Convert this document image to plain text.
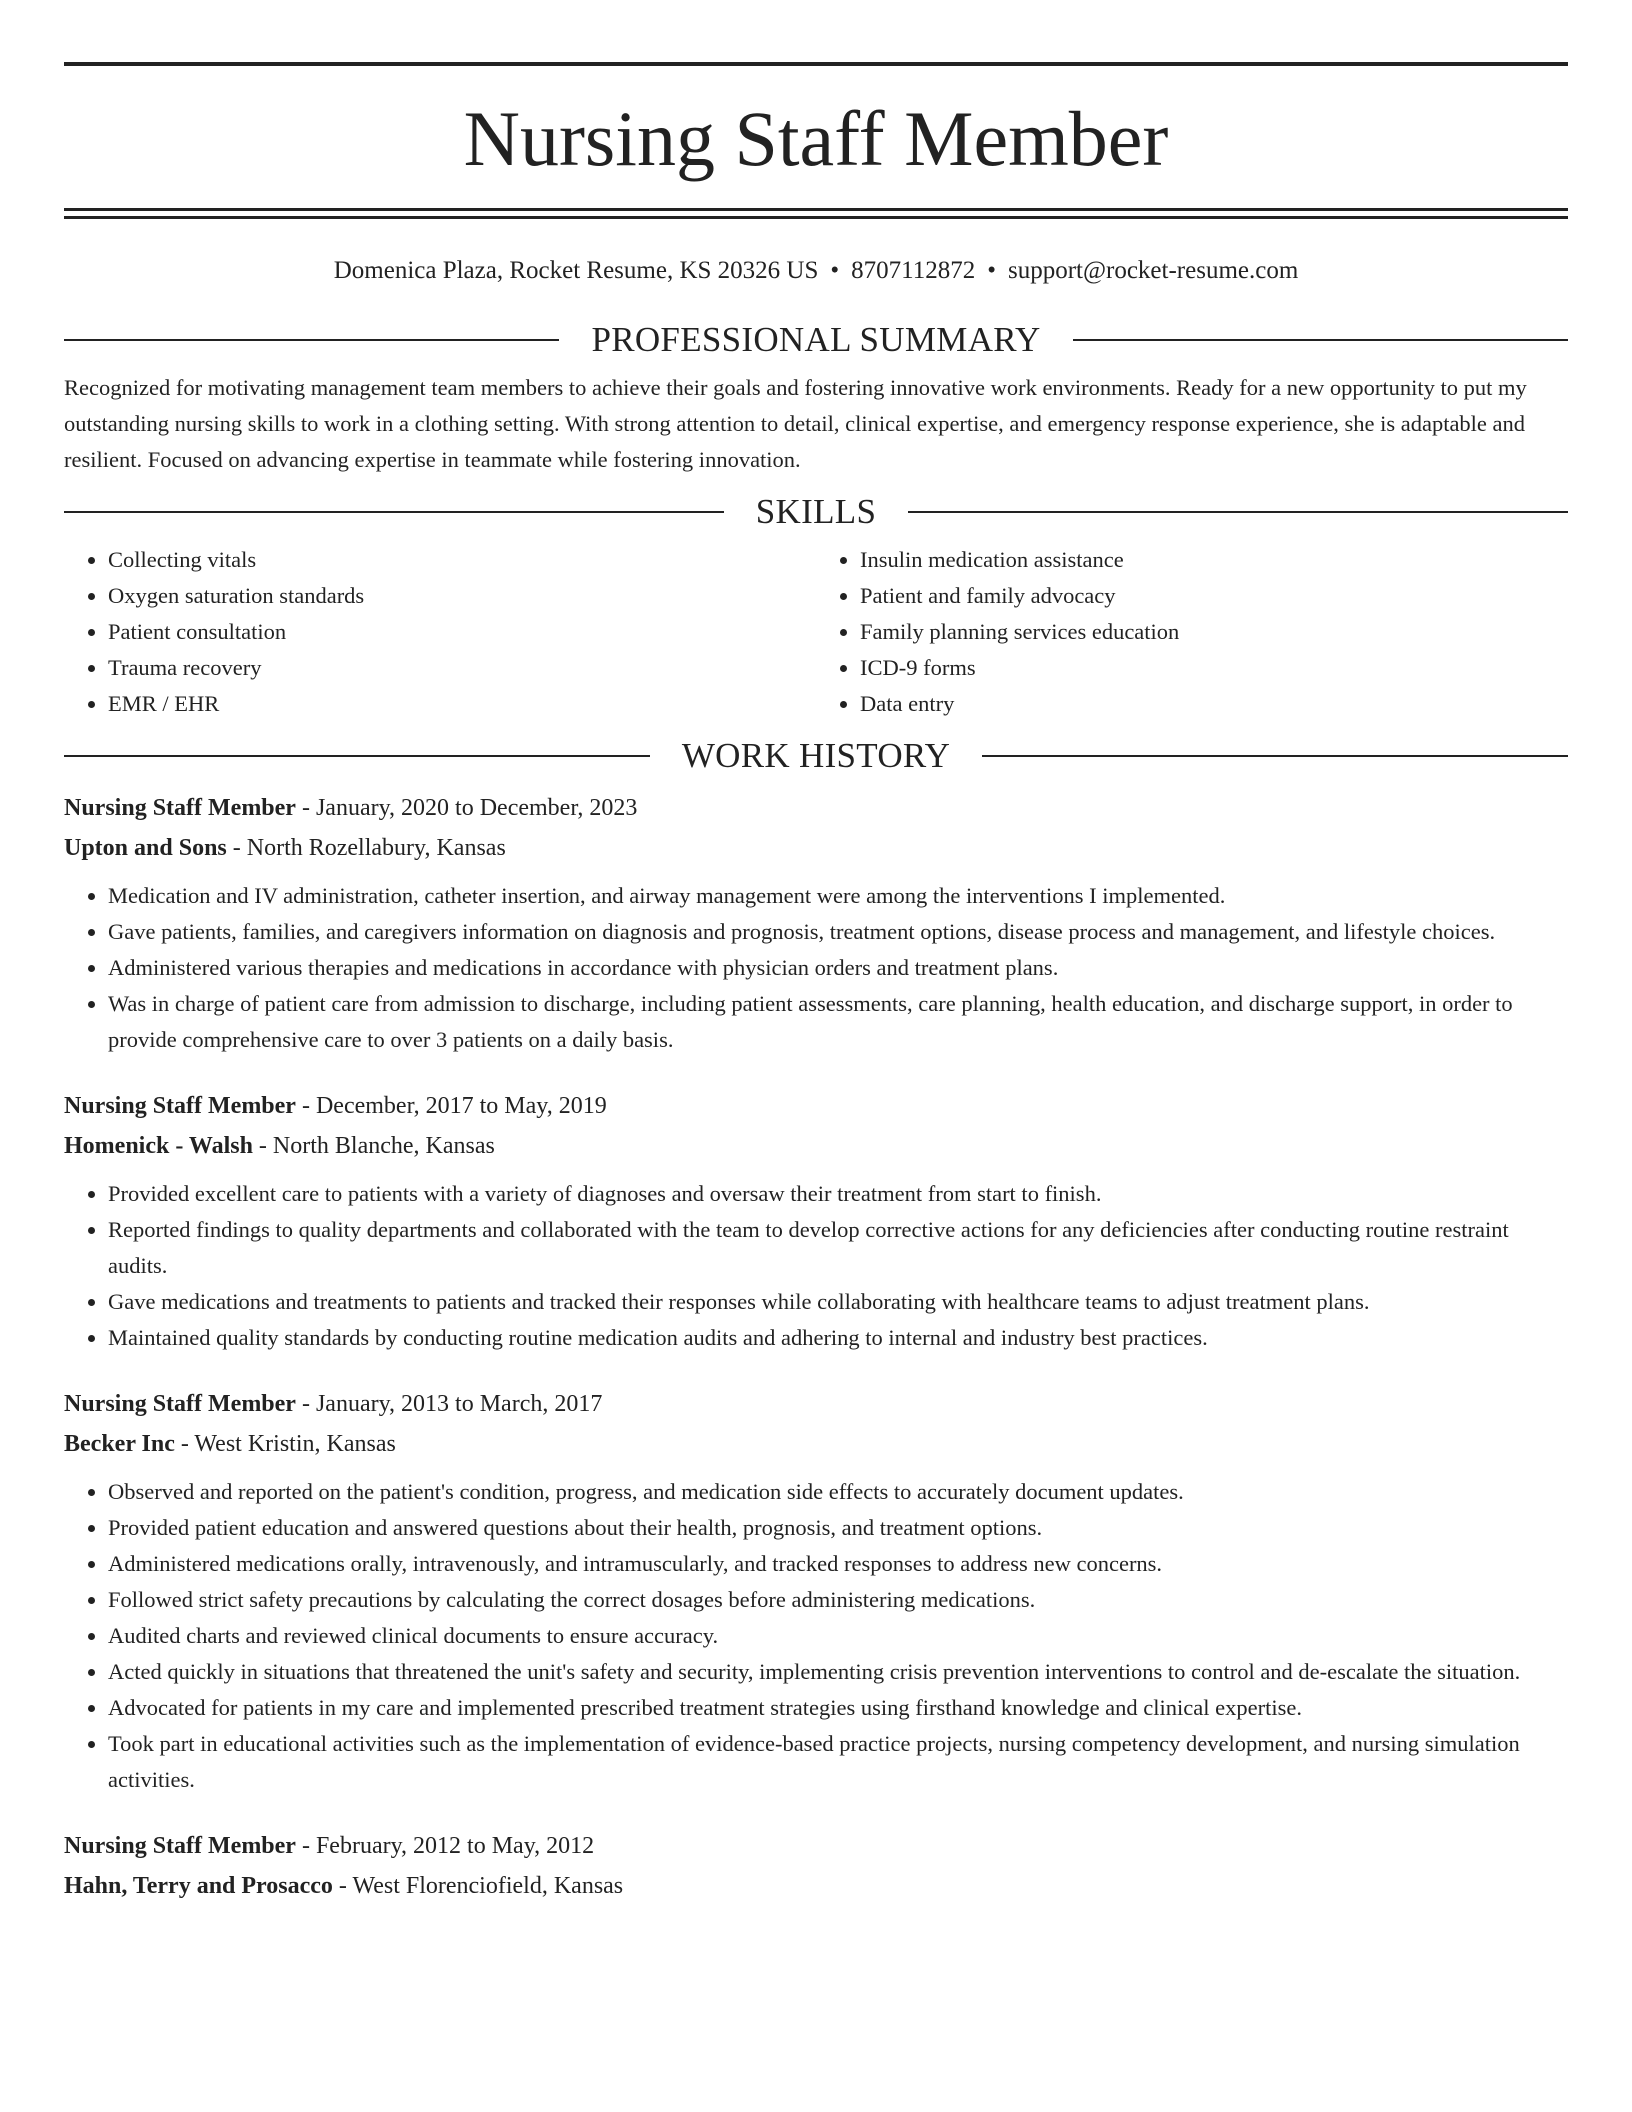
Nursing Staff Member
Domenica Plaza, Rocket Resume, KS 20326 US • 8707112872 • support@rocket-resume.com
PROFESSIONAL SUMMARY

Recognized for motivating management team members to achieve their goals and fostering innovative work environments. Ready for a new opportunity to put my outstanding nursing skills to work in a clothing setting. With strong attention to detail, clinical expertise, and emergency response experience, she is adaptable and resilient. Focused on advancing expertise in teammate while fostering innovation.

SKILLS
• Collecting vitals
• Oxygen saturation standards
• Patient consultation
• Trauma recovery
• EMR / EHR
• Insulin medication assistance
• Patient and family advocacy
• Family planning services education
• ICD-9 forms
• Data entry
WORK HISTORY
Nursing Staff Member - January, 2020 to December, 2023
Upton and Sons - North Rozellabury, Kansas
• Medication and IV administration, catheter insertion, and airway management were among the interventions I implemented.
• Gave patients, families, and caregivers information on diagnosis and prognosis, treatment options, disease process and management, and lifestyle choices.
• Administered various therapies and medications in accordance with physician orders and treatment plans.
• Was in charge of patient care from admission to discharge, including patient assessments, care planning, health education, and discharge support, in order to provide comprehensive care to over 3 patients on a daily basis.
Nursing Staff Member - December, 2017 to May, 2019
Homenick - Walsh - North Blanche, Kansas
• Provided excellent care to patients with a variety of diagnoses and oversaw their treatment from start to finish.
• Reported findings to quality departments and collaborated with the team to develop corrective actions for any deficiencies after conducting routine restraint audits.
• Gave medications and treatments to patients and tracked their responses while collaborating with healthcare teams to adjust treatment plans.
• Maintained quality standards by conducting routine medication audits and adhering to internal and industry best practices.
Nursing Staff Member - January, 2013 to March, 2017
Becker Inc - West Kristin, Kansas
• Observed and reported on the patient's condition, progress, and medication side effects to accurately document updates.
• Provided patient education and answered questions about their health, prognosis, and treatment options.
• Administered medications orally, intravenously, and intramuscularly, and tracked responses to address new concerns.
• Followed strict safety precautions by calculating the correct dosages before administering medications.
• Audited charts and reviewed clinical documents to ensure accuracy.
• Acted quickly in situations that threatened the unit's safety and security, implementing crisis prevention interventions to control and de-escalate the situation.
• Advocated for patients in my care and implemented prescribed treatment strategies using firsthand knowledge and clinical expertise.
• Took part in educational activities such as the implementation of evidence-based practice projects, nursing competency development, and nursing simulation activities.
Nursing Staff Member - February, 2012 to May, 2012
Hahn, Terry and Prosacco - West Florenciofield, Kansas
